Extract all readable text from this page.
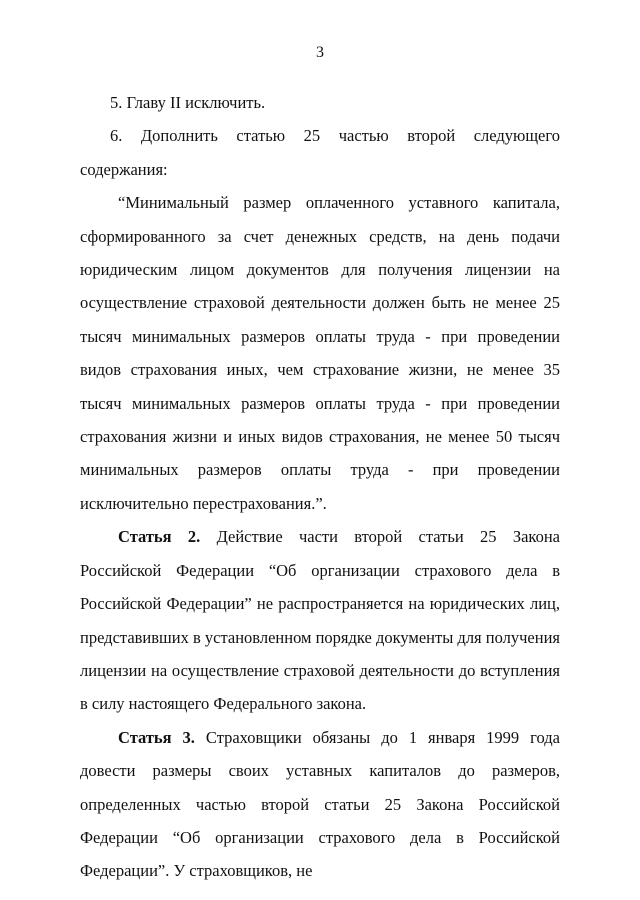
3

5. Главу II исключить.

6. Дополнить статью 25 частью второй следующего содержания:

“Минимальный размер оплаченного уставного капитала, сформированного за счет денежных средств, на день подачи юридическим лицом документов для получения лицензии на осуществление страховой деятельности должен быть не менее 25 тысяч минимальных размеров оплаты труда - при проведении видов страхования иных, чем страхование жизни, не менее 35 тысяч минимальных размеров оплаты труда - при проведении страхования жизни и иных видов страхования, не менее 50 тысяч минимальных размеров оплаты труда - при проведении исключительно перестрахования.”.

Статья 2. Действие части второй статьи 25 Закона Российской Федерации “Об организации страхового дела в Российской Федерации” не распространяется на юридических лиц, представивших в установленном порядке документы для получения лицензии на осуществление страховой деятельности до вступления в силу настоящего Федерального закона.

Статья 3. Страховщики обязаны до 1 января 1999 года довести размеры своих уставных капиталов до размеров, определенных частью второй статьи 25 Закона Российской Федерации “Об организации страхового дела в Российской Федерации”. У страховщиков, не
